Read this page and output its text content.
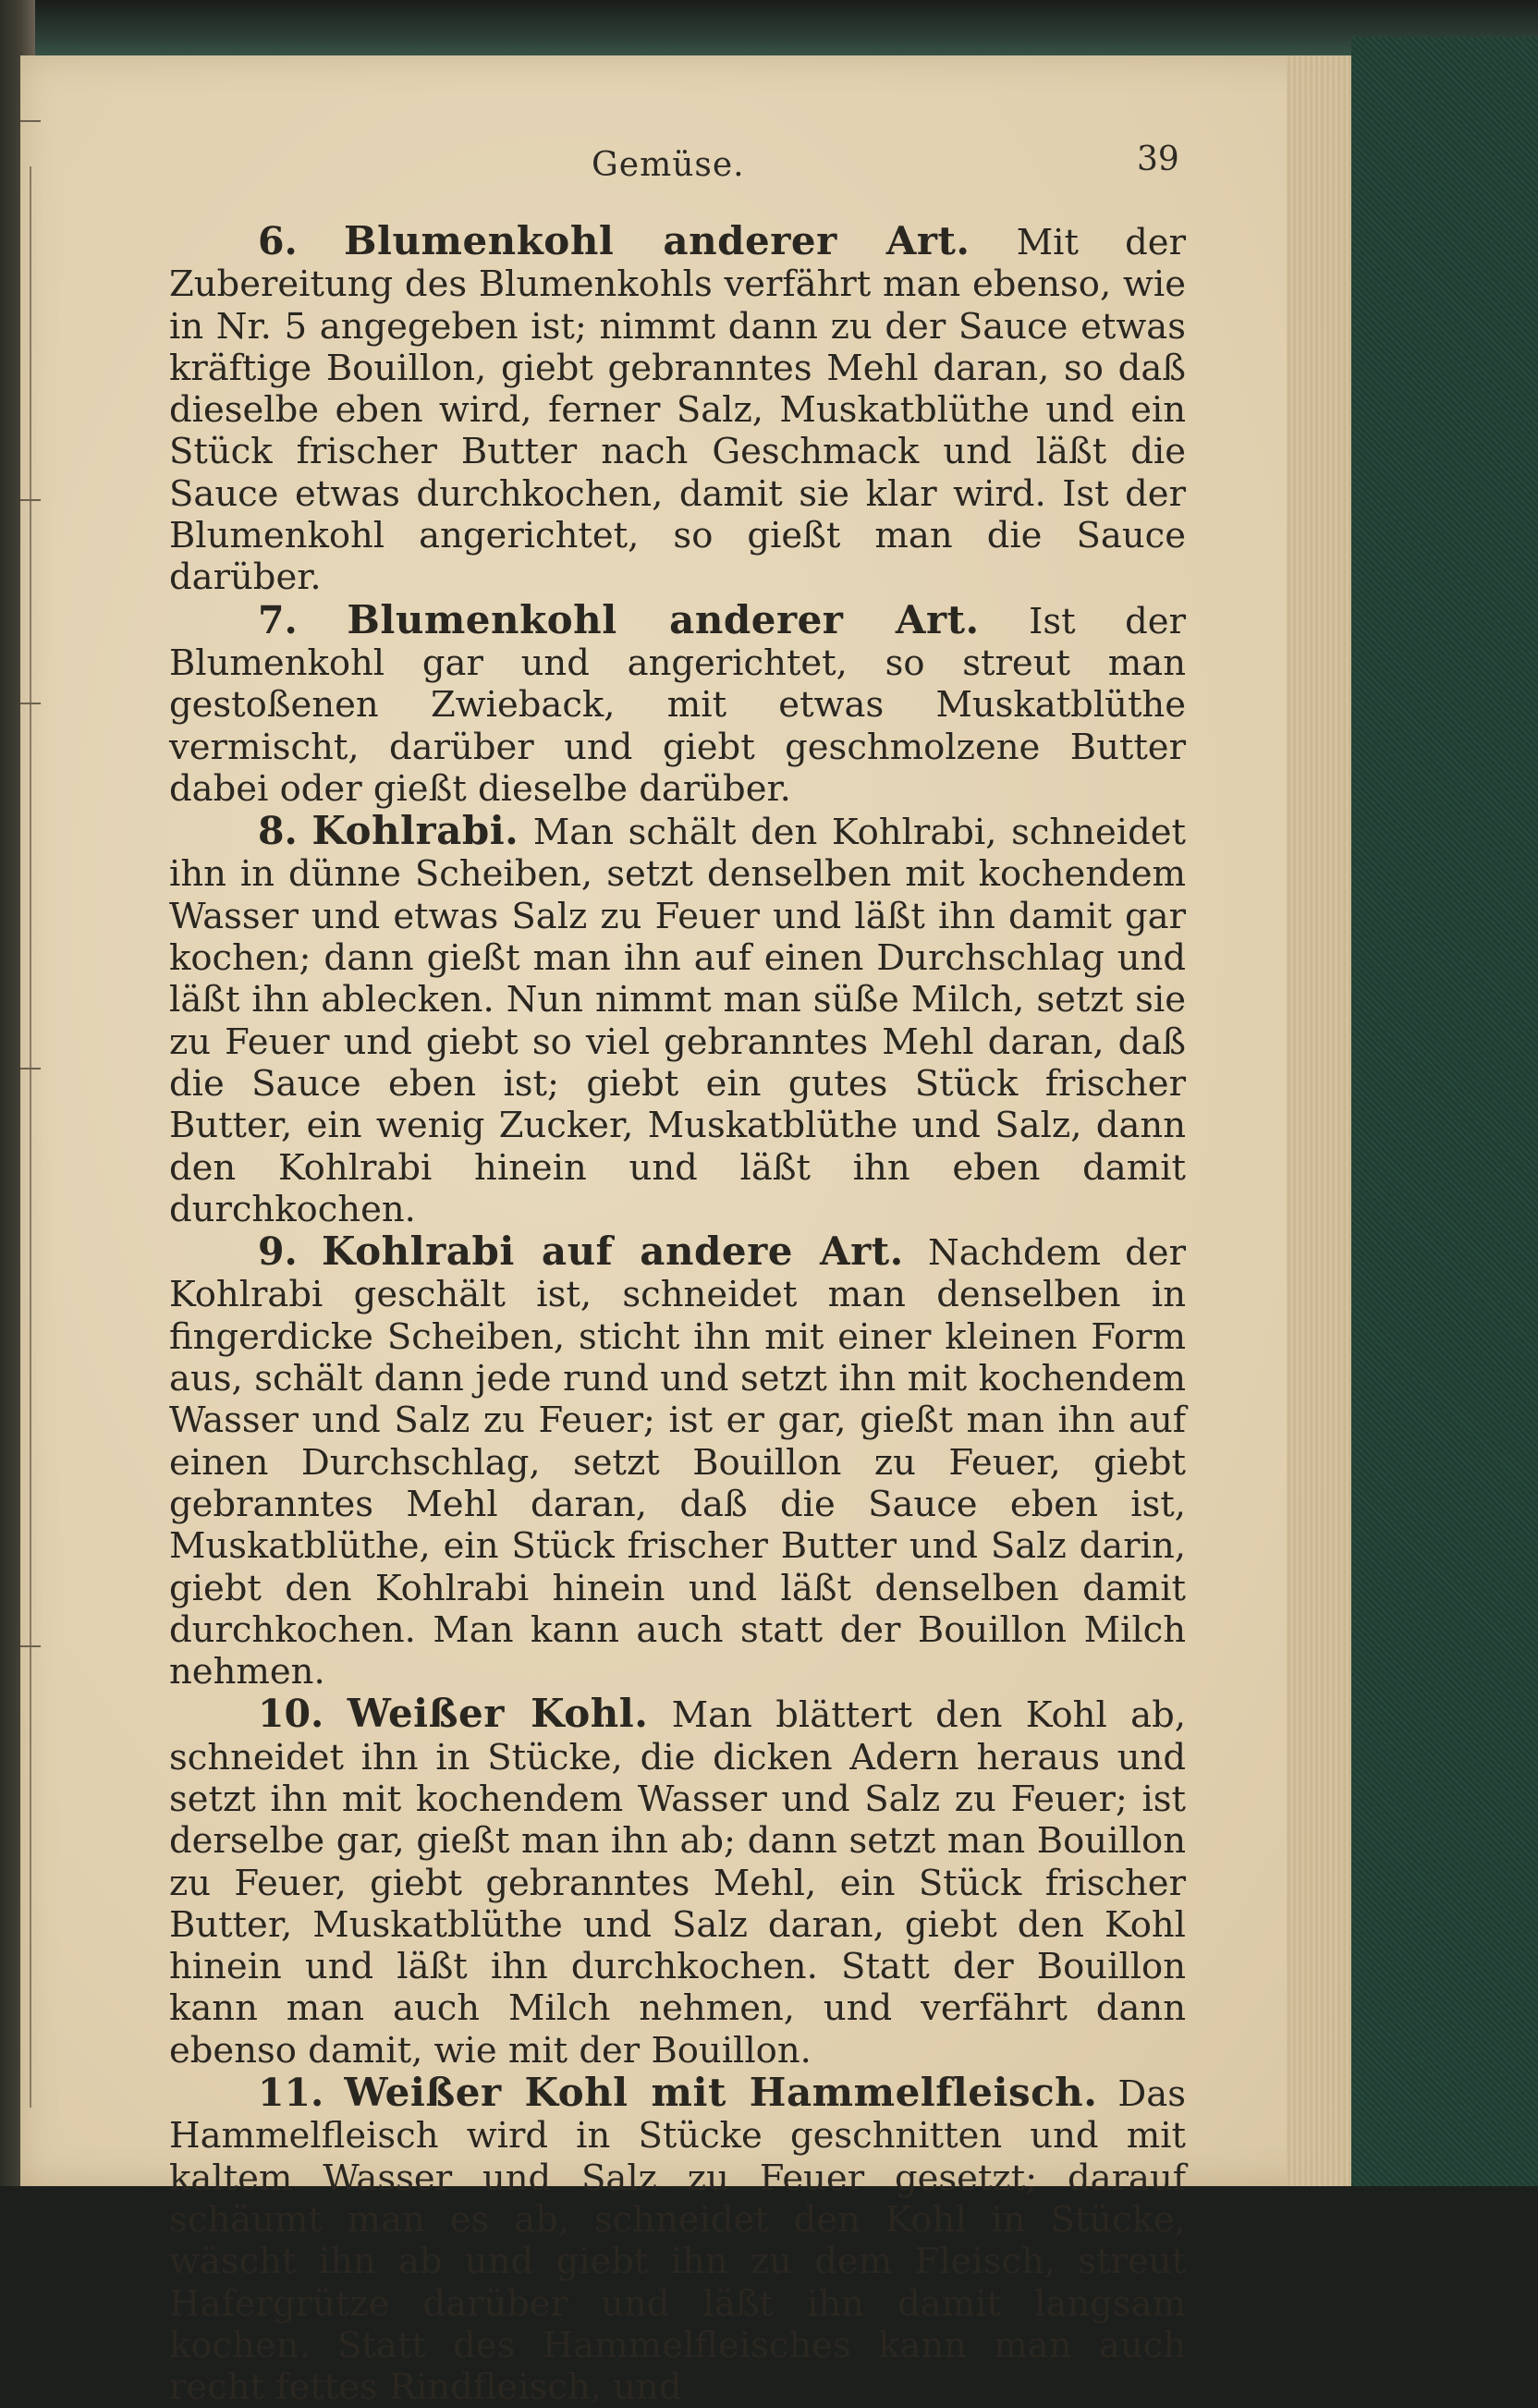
Gemüse.	39

6. Blumenkohl anderer Art. Mit der Zubereitung des Blumenkohls verfährt man ebenso, wie in Nr. 5 angegeben ist; nimmt dann zu der Sauce etwas kräftige Bouillon, giebt gebranntes Mehl daran, so daß dieselbe eben wird, ferner Salz, Muskatblüthe und ein Stück frischer Butter nach Geschmack und läßt die Sauce etwas durchkochen, damit sie klar wird. Ist der Blumenkohl angerichtet, so gießt man die Sauce darüber.

7. Blumenkohl anderer Art. Ist der Blumenkohl gar und angerichtet, so streut man gestoßenen Zwieback, mit etwas Muskatblüthe vermischt, darüber und giebt geschmolzene Butter dabei oder gießt dieselbe darüber.

8. Kohlrabi. Man schält den Kohlrabi, schneidet ihn in dünne Scheiben, setzt denselben mit kochendem Wasser und etwas Salz zu Feuer und läßt ihn damit gar kochen; dann gießt man ihn auf einen Durchschlag und läßt ihn ablecken. Nun nimmt man süße Milch, setzt sie zu Feuer und giebt so viel gebranntes Mehl daran, daß die Sauce eben ist; giebt ein gutes Stück frischer Butter, ein wenig Zucker, Muskatblüthe und Salz, dann den Kohlrabi hinein und läßt ihn eben damit durchkochen.

9. Kohlrabi auf andere Art. Nachdem der Kohlrabi geschält ist, schneidet man denselben in fingerdicke Scheiben, sticht ihn mit einer kleinen Form aus, schält dann jede rund und setzt ihn mit kochendem Wasser und Salz zu Feuer; ist er gar, gießt man ihn auf einen Durchschlag, setzt Bouillon zu Feuer, giebt gebranntes Mehl daran, daß die Sauce eben ist, Muskatblüthe, ein Stück frischer Butter und Salz darin, giebt den Kohlrabi hinein und läßt denselben damit durchkochen. Man kann auch statt der Bouillon Milch nehmen.

10. Weißer Kohl. Man blättert den Kohl ab, schneidet ihn in Stücke, die dicken Adern heraus und setzt ihn mit kochendem Wasser und Salz zu Feuer; ist derselbe gar, gießt man ihn ab; dann setzt man Bouillon zu Feuer, giebt gebranntes Mehl, ein Stück frischer Butter, Muskatblüthe und Salz daran, giebt den Kohl hinein und läßt ihn durchkochen. Statt der Bouillon kann man auch Milch nehmen, und verfährt dann ebenso damit, wie mit der Bouillon.

11. Weißer Kohl mit Hammelfleisch. Das Hammelfleisch wird in Stücke geschnitten und mit kaltem Wasser und Salz zu Feuer gesetzt; darauf schäumt man es ab, schneidet den Kohl in Stücke, wäscht ihn ab und giebt ihn zu dem Fleisch, streut Hafergrütze darüber und läßt ihn damit langsam kochen. Statt des Hammelfleisches kann man auch recht fettes Rindfleisch, und
